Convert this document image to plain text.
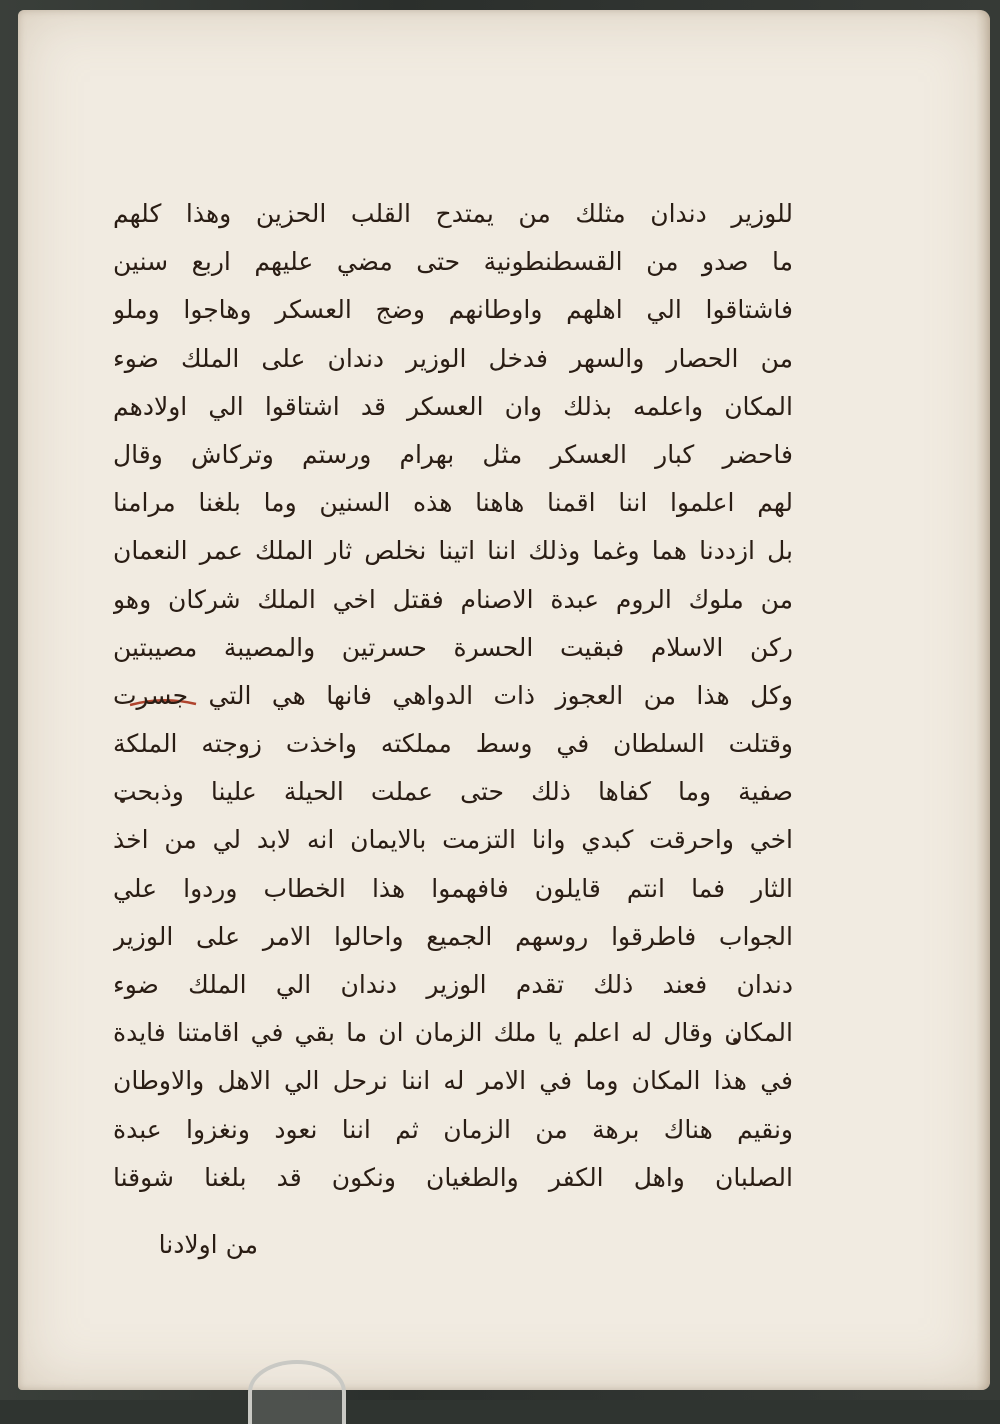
للوزير دندان مثلك من يمتدح القلب الحزين وهذا كلهم
ما صدو من القسطنطونية حتى مضي عليهم اربع سنين
فاشتاقوا الي اهلهم واوطانهم وضج العسكر وهاجوا وملو
من الحصار والسهر فدخل الوزير دندان على الملك ضوء
المكان واعلمه بذلك وان العسكر قد اشتاقوا الي اولادهم
فاحضر كبار العسكر مثل بهرام ورستم وتركاش وقال
لهم اعلموا اننا اقمنا هاهنا هذه السنين وما بلغنا مرامنا
بل ازددنا هما وغما وذلك اننا اتينا نخلص ثار الملك عمر النعمان
من ملوك الروم عبدة الاصنام فقتل اخي الملك شركان وهو
ركن الاسلام فبقيت الحسرة حسرتين والمصيبة مصيبتين
وكل هذا من العجوز ذات الدواهي فانها هي التي جسرت
وقتلت السلطان في وسط مملكته واخذت زوجته الملكة
صفية وما كفاها ذلك حتى عملت الحيلة علينا وذبحت
اخي واحرقت كبدي وانا التزمت بالايمان انه لابد لي من اخذ
الثار فما انتم قايلون فافهموا هذا الخطاب وردوا علي
الجواب فاطرقوا روسهم الجميع واحالوا الامر على الوزير
دندان فعند ذلك تقدم الوزير دندان الي الملك ضوء
المكان وقال له اعلم يا ملك الزمان ان ما بقي في اقامتنا فايدة
في هذا المكان وما في الامر له اننا نرحل الي الاهل والاوطان
ونقيم هناك برهة من الزمان ثم اننا نعود ونغزوا عبدة
الصلبان واهل الكفر والطغيان ونكون قد بلغنا شوقنا
من اولادنا
